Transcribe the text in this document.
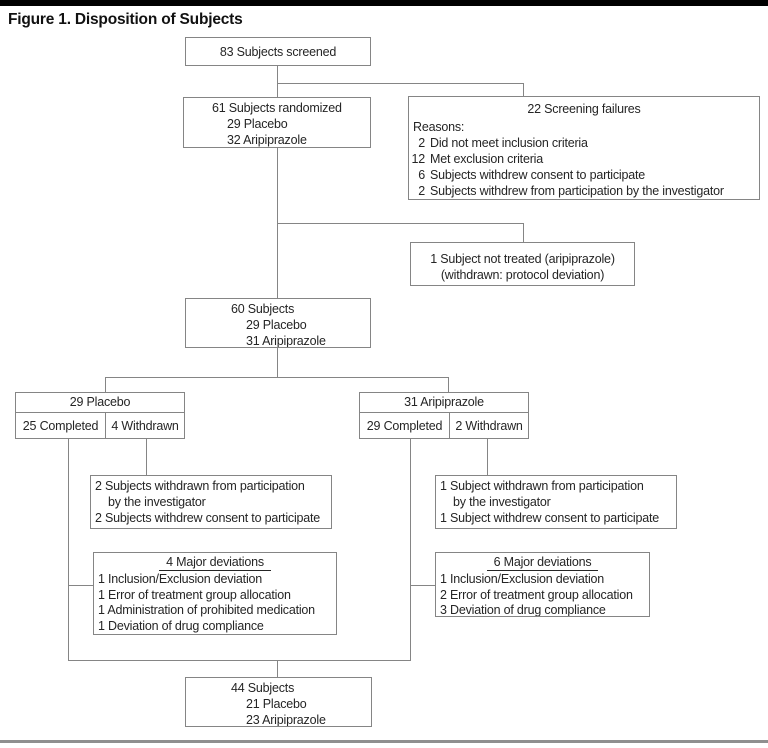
Figure 1. Disposition of Subjects
83 Subjects screened
61 Subjects randomized
29 Placebo
32 Aripiprazole
22 Screening failures
Reasons:
2 Did not meet inclusion criteria
12 Met exclusion criteria
6 Subjects withdrew consent to participate
2 Subjects withdrew from participation by the investigator
1 Subject not treated (aripiprazole)
(withdrawn: protocol deviation)
60 Subjects
29 Placebo
31 Aripiprazole
29 Placebo
25 Completed	4 Withdrawn
31 Aripiprazole
29 Completed	2 Withdrawn
2 Subjects withdrawn from participation
by the investigator
2 Subjects withdrew consent to participate
1 Subject withdrawn from participation
by the investigator
1 Subject withdrew consent to participate
4 Major deviations
1 Inclusion/Exclusion deviation
1 Error of treatment group allocation
1 Administration of prohibited medication
1 Deviation of drug compliance
6 Major deviations
1 Inclusion/Exclusion deviation
2 Error of treatment group allocation
3 Deviation of drug compliance
44 Subjects
21 Placebo
23 Aripiprazole
